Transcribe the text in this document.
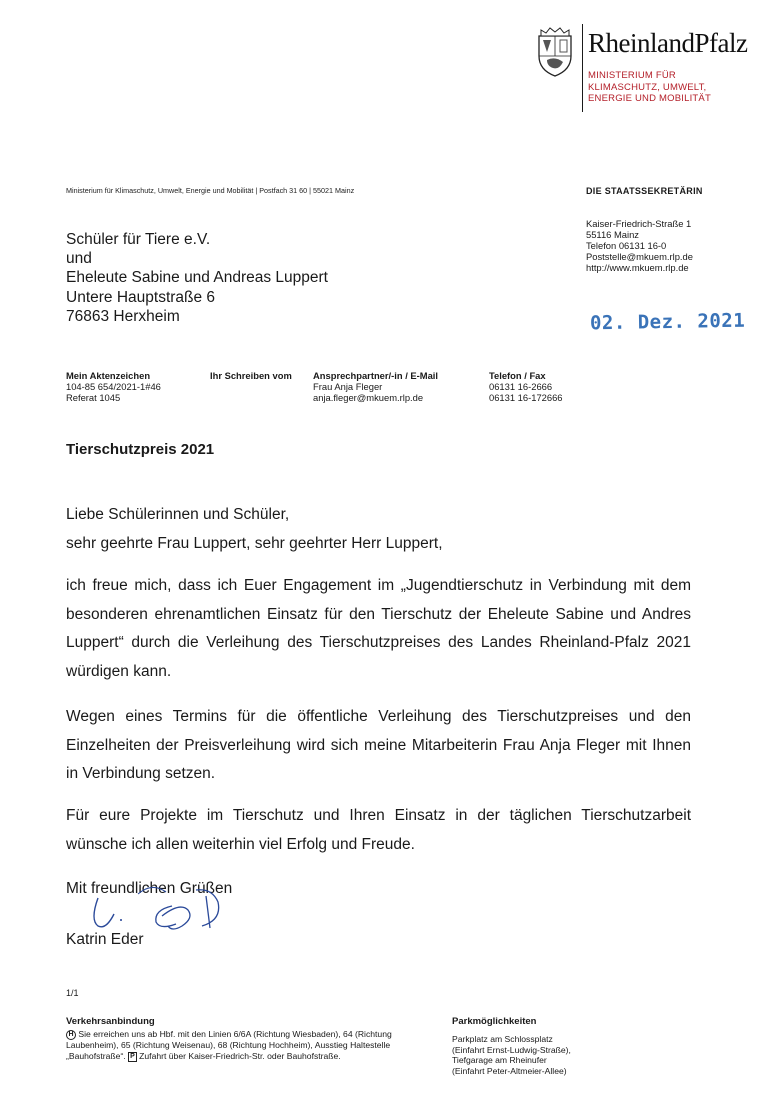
RheinlandPfalz
MINISTERIUM FÜR
KLIMASCHUTZ, UMWELT,
ENERGIE UND MOBILITÄT
Ministerium für Klimaschutz, Umwelt, Energie und Mobilität | Postfach 31 60 | 55021 Mainz	DIE STAATSSEKRETÄRIN
Kaiser-Friedrich-Straße 1
55116 Mainz
Telefon 06131 16-0
Poststelle@mkuem.rlp.de
http://www.mkuem.rlp.de
Schüler für Tiere e.V.
und
Eheleute Sabine und Andreas Luppert
Untere Hauptstraße 6
76863 Herxheim	02. Dez. 2021
Mein Aktenzeichen
104-85 654/2021-1#46
Referat 1045
Ihr Schreiben vom Ansprechpartner/-in / E-Mail
Frau Anja Fleger
anja.fleger@mkuem.rlp.de
Telefon / Fax
06131 16-2666
06131 16-172666
Tierschutzpreis 2021
Liebe Schülerinnen und Schüler,
sehr geehrte Frau Luppert, sehr geehrter Herr Luppert,
ich freue mich, dass ich Euer Engagement im „Jugendtierschutz in Verbindung mit dem besonderen ehrenamtlichen Einsatz für den Tierschutz der Eheleute Sabine und Andres Luppert“ durch die Verleihung des Tierschutzpreises des Landes Rheinland-Pfalz 2021 würdigen kann.
Wegen eines Termins für die öffentliche Verleihung des Tierschutzpreises und den Einzelheiten der Preisverleihung wird sich meine Mitarbeiterin Frau Anja Fleger mit Ihnen in Verbindung setzen.
Für eure Projekte im Tierschutz und Ihren Einsatz in der täglichen Tierschutzarbeit wünsche ich allen weiterhin viel Erfolg und Freude.
Mit freundlichen Grüßen
Katrin Eder
1/1
Verkehrsanbindung
H Sie erreichen uns ab Hbf. mit den Linien 6/6A (Richtung Wiesbaden), 64 (Richtung Laubenheim), 65 (Richtung Weisenau), 68 (Richtung Hochheim), Ausstieg Haltestelle „Bauhofstraße“. P Zufahrt über Kaiser-Friedrich-Str. oder Bauhofstraße.
Parkmöglichkeiten
Parkplatz am Schlossplatz
(Einfahrt Ernst-Ludwig-Straße),
Tiefgarage am Rheinufer
(Einfahrt Peter-Altmeier-Allee)
